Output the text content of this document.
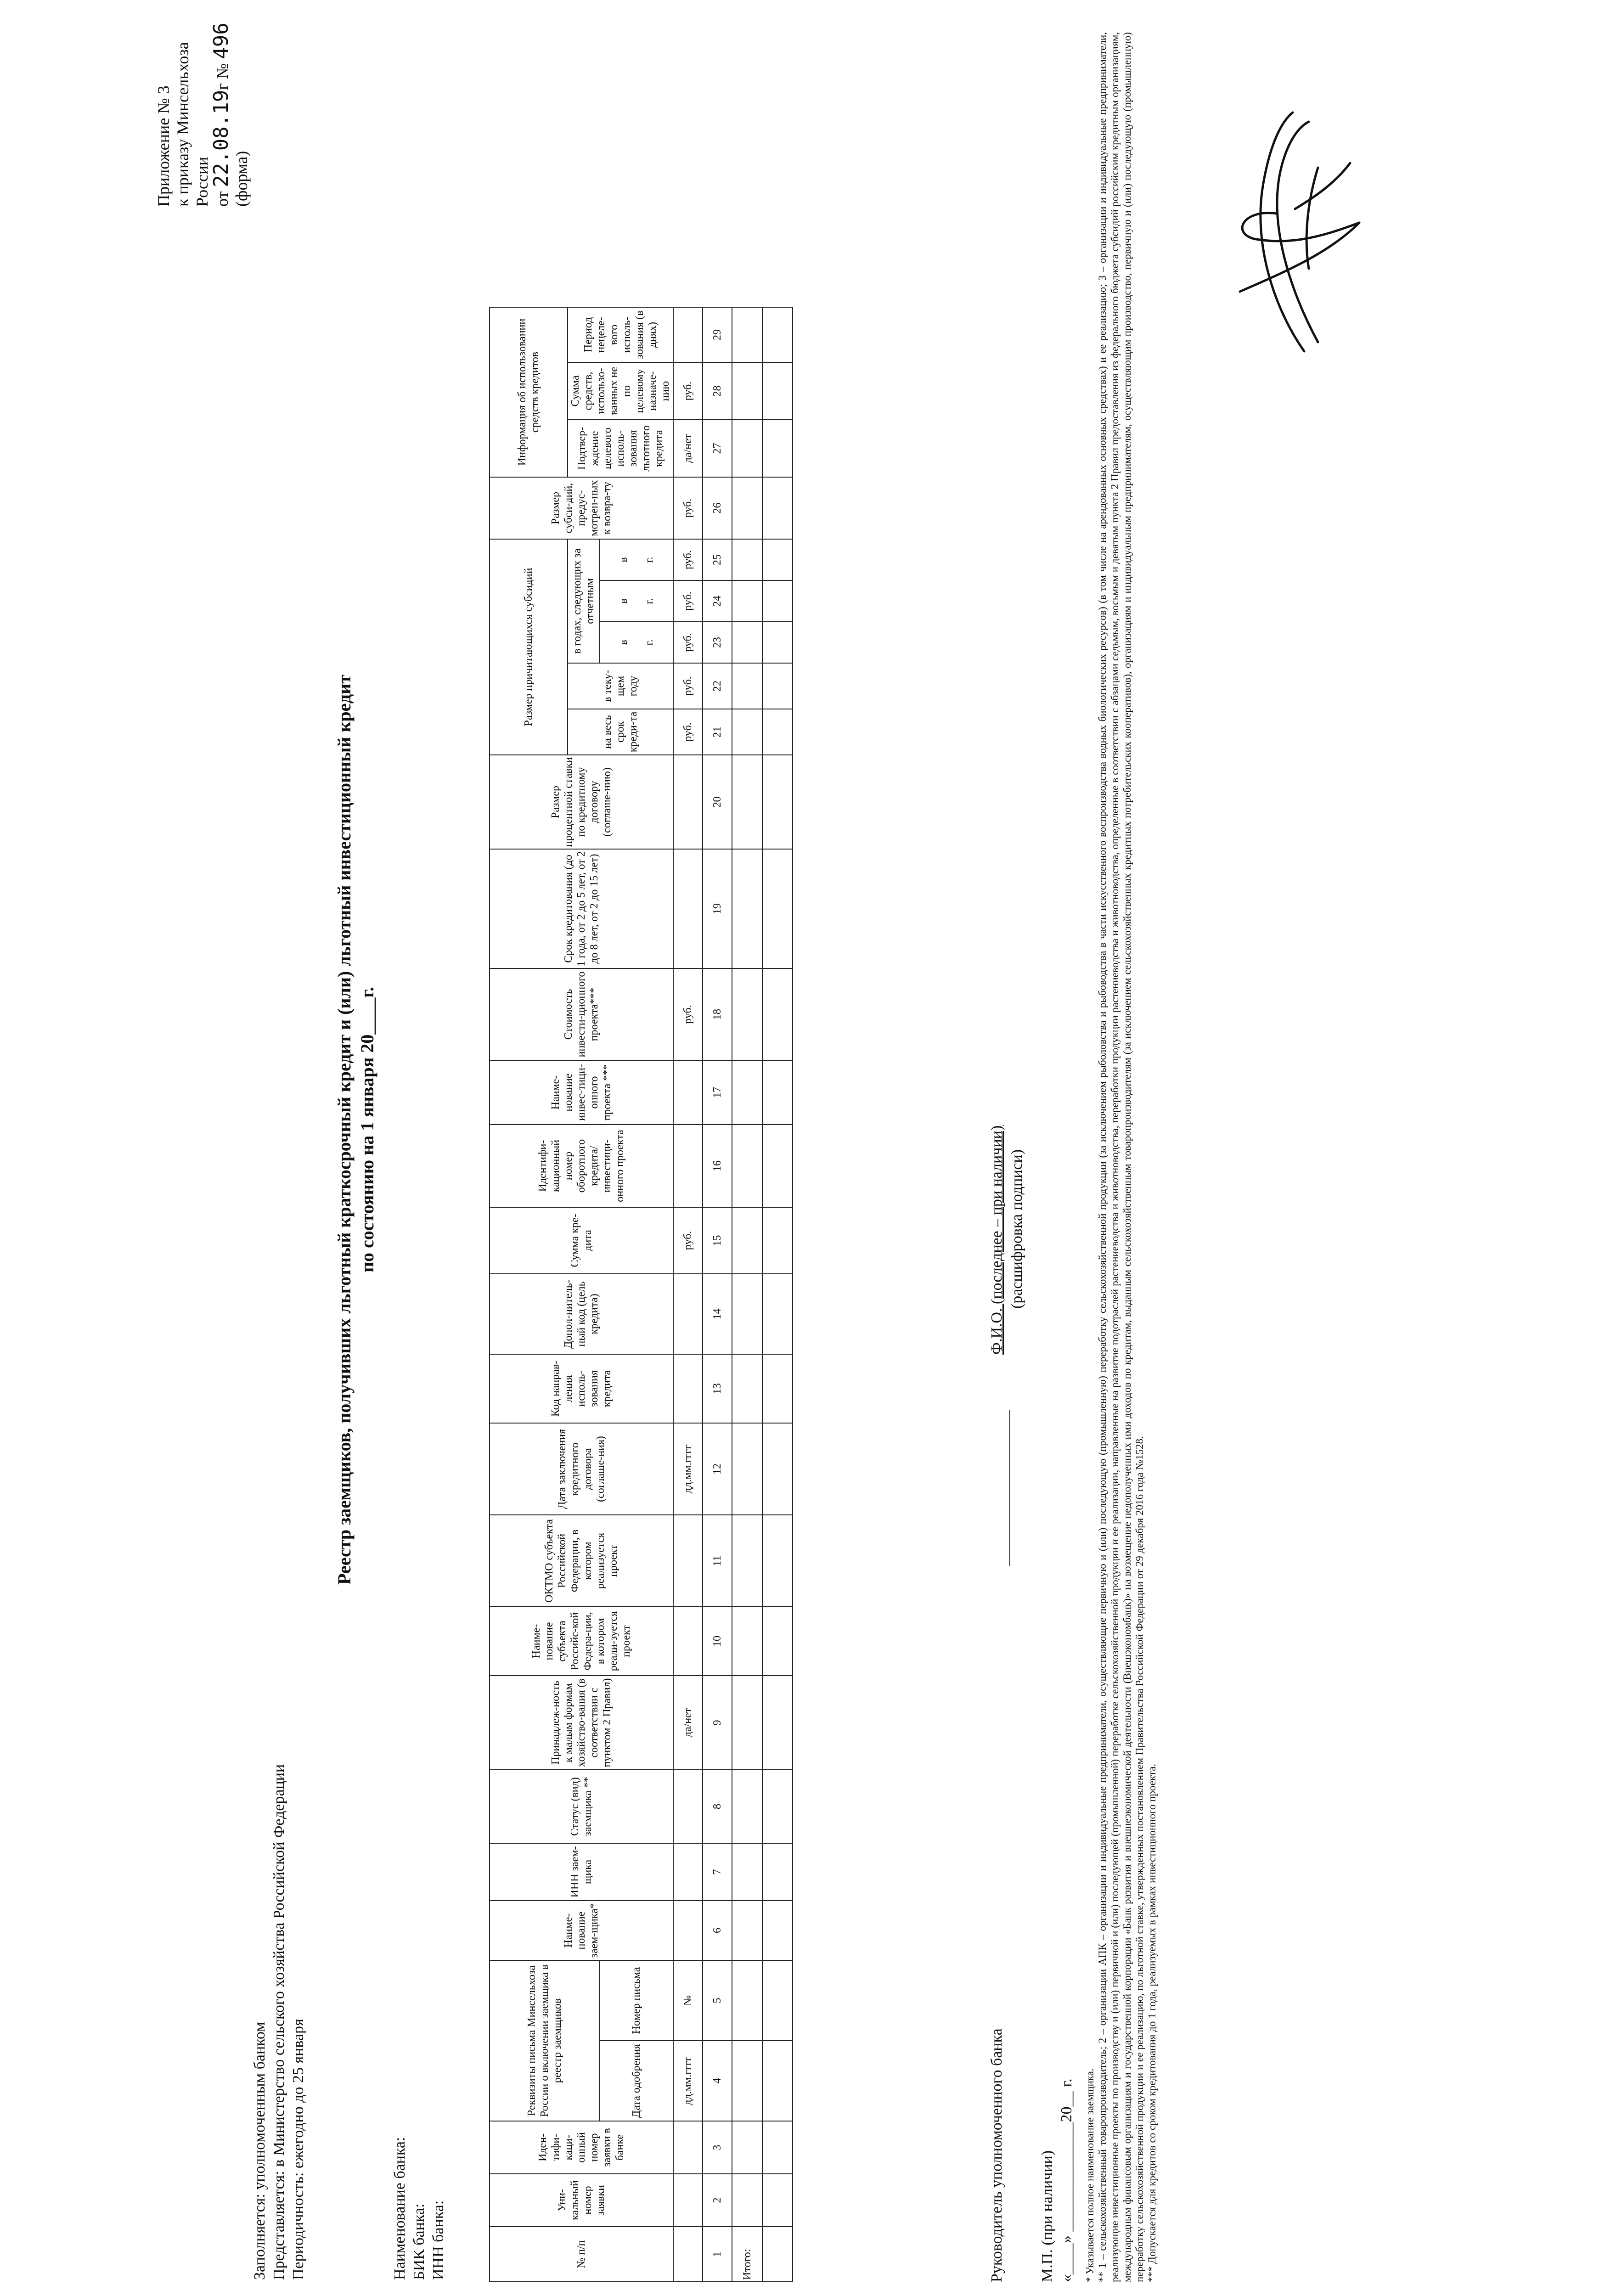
Приложение № 3 к приказу Минсельхоза России от 22.08.19г № 496
(форма)
Заполняется: уполномоченным банком Представляется: в Министерство сельского хозяйства Российской Федерации Периодичность: ежегодно до 25 января	Наименование банка: БИК банка: ИНН банка:
Реестр заемщиков, получивших льготный краткосрочный кредит и (или) льготный инвестиционный кредит по состоянию на 1 января 20____г.
№ п/п	Уни-кальный номер заявки	Иден-тифи-каци-онный номер заявки в банке	Реквизиты письма Минсельхоза России о включении заемщика в реестр заемщиков		Наиме-нование заем-щика*	ИНН заем-щика	Статус (вид) заемщика **	Принадлеж-ность к малым формам хозяйство-вания (в соответствии с пунктом 2 Правил)	Наиме-нование субъекта Российс-кой Федера-ции, в котором реали-зуется проект	ОКТМО субъекта Российской Федерации, в котором реализуется проект	Дата заключения кредитного договора (соглаше-ния)	Код направ-ления исполь-зования кредита	Допол-нитель-ный код (цель кредита)	Сумма кре-дита	Идентифи-кационный номер оборотного кредита/ инвестици-онного проекта	Наиме-нование инвес-тици-онного проекта ***	Стоимость инвести-ционного проекта***	Срок кредитования (до 1 года, от 2 до 5 лет, от 2 до 8 лет, от 2 до 15 лет)	Размер процентной ставки по кредитному договору (соглаше-нию)	Размер причитающихся субсидий					Размер субси-дий, предус-мотрен-ных к возвра-ту	Информация об использовании средств кредитов		
																				на весь срок креди-та	в теку-щем году	в годах, следующих за отчетным				Подтвер-ждение целевого исполь-зования льготного кредита	Сумма средств, использо-ванных не по целевому назначе-нию	Период нецеле-вого исполь-зования (в днях)
			Дата одобрения	Номер письма																		в г.	в г.	в г.				
			дд.мм.гггг	№				да/нет			дд.мм.гггг			руб.			руб.			руб.	руб.	руб.	руб.	руб.	руб.	да/нет	руб.	
1	2	3	4	5	6	7	8	9	10	11	12	13	14	15	16	17	18	19	20	21	22	23	24	25	26	27	28	29
Итого:																												
																													Руководитель уполномоченного банка
Ф.И.О. (последнее – при наличии) (расшифровка подписи)
М.П. (при наличии) «____» ______________20__ г. * Указывается полное наименование заемщика. ** 1 – сельскохозяйственный товаропроизводитель; 2 – организации АПК – организации и индивидуальные предприниматели, осуществляющие первичную и (или) последующую (промышленную) переработку сельскохозяйственной продукции (за исключением рыболовства и рыбоводства в части искусственного воспроизводства водных биологических ресурсов) (в том числе на арендованных основных средствах) и ее реализацию; 3 – организации и индивидуальные предприниматели, реализующие инвестиционные проекты по производству и (или) первичной и (или) последующей (промышленной) переработке сельскохозяйственной продукции и ее реализации, направленные на развитие подотраслей растениеводства и животноводства, переработки продукции растениеводства и животноводства, определенные в соответствии с абзацами седьмым, восьмым и девятым пункта 2 Правил предоставления из федерального бюджета субсидий российским кредитным организациям, международным финансовым организациям и государственной корпорации «Банк развития и внешнеэкономической деятельности (Внешэкономбанк)» на возмещение недополученных ими доходов по кредитам, выданным сельскохозяйственным товаропроизводителям (за исключением сельскохозяйственных кредитных потребительских кооперативов), организациям и индивидуальным предпринимателям, осуществляющим производство, первичную и (или) последующую (промышленную) переработку сельскохозяйственной продукции и ее реализацию, по льготной ставке, утвержденных постановлением Правительства Российской Федерации от 29 декабря 2016 года №1528. *** Допускается для кредитов со сроком кредитования до 1 года, реализуемых в рамках инвестиционного проекта.
